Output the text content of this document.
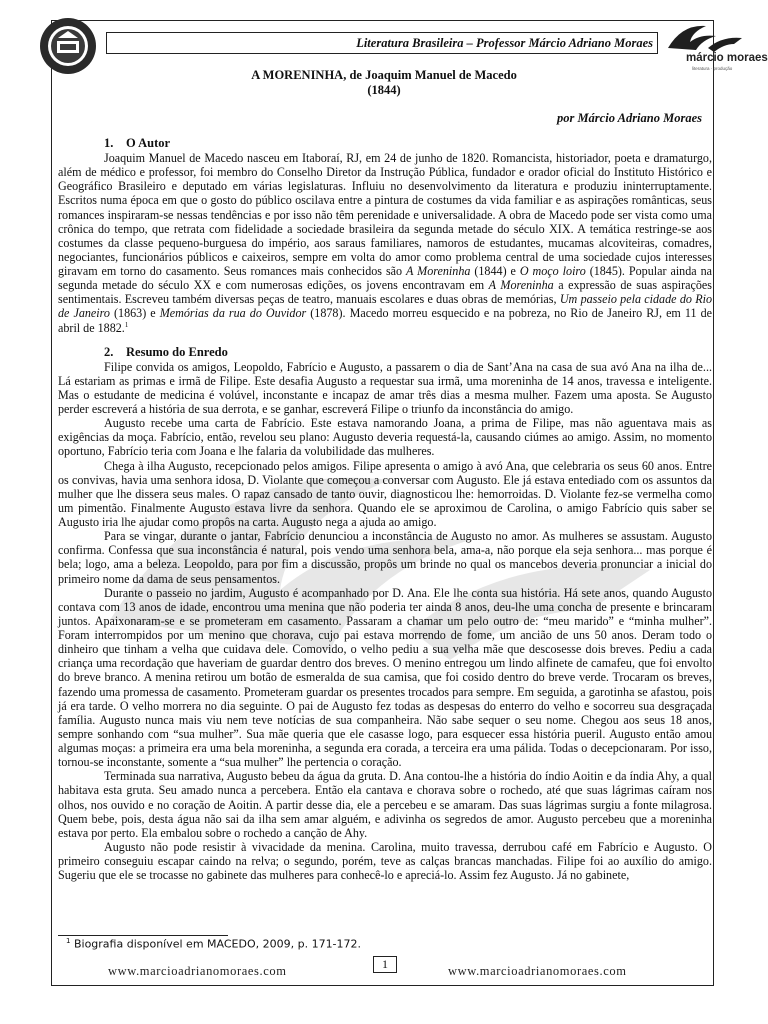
Literatura Brasileira – Professor Márcio Adriano Moraes
márcio moraes
literatura · produção
A MORENINHA, de Joaquim Manuel de Macedo
(1844)
por Márcio Adriano Moraes
1. O Autor

Joaquim Manuel de Macedo nasceu em Itaboraí, RJ, em 24 de junho de 1820. Romancista, historiador, poeta e dramaturgo, além de médico e professor, foi membro do Conselho Diretor da Instrução Pública, fundador e orador oficial do Instituto Histórico e Geográfico Brasileiro e deputado em várias legislaturas. Influiu no desenvolvimento da literatura e produziu ininterruptamente. Escritos numa época em que o gosto do público oscilava entre a pintura de costumes da vida familiar e as aspirações românticas, seus romances inspiraram-se nessas tendências e por isso não têm perenidade e universalidade. A obra de Macedo pode ser vista como uma crônica do tempo, que retrata com fidelidade a sociedade brasileira da segunda metade do século XIX. A temática restringe-se aos costumes da classe pequeno-burguesa do império, aos saraus familiares, namoros de estudantes, mucamas alcoviteiras, comadres, negociantes, funcionários públicos e caixeiros, sempre em volta do amor como problema central de uma sociedade cujos interesses giravam em torno do casamento. Seus romances mais conhecidos são A Moreninha (1844) e O moço loiro (1845). Popular ainda na segunda metade do século XX e com numerosas edições, os jovens encontravam em A Moreninha a expressão de suas aspirações sentimentais. Escreveu também diversas peças de teatro, manuais escolares e duas obras de memórias, Um passeio pela cidade do Rio de Janeiro (1863) e Memórias da rua do Ouvidor (1878). Macedo morreu esquecido e na pobreza, no Rio de Janeiro RJ, em 11 de abril de 1882.$^1$

2. Resumo do Enredo

Filipe convida os amigos, Leopoldo, Fabrício e Augusto, a passarem o dia de Sant’Ana na casa de sua avó Ana na ilha de... Lá estariam as primas e irmã de Filipe. Este desafia Augusto a requestar sua irmã, uma moreninha de 14 anos, travessa e inteligente. Mas o estudante de medicina é volúvel, inconstante e incapaz de amar três dias a mesma mulher. Fazem uma aposta. Se Augusto perder escreverá a história de sua derrota, e se ganhar, escreverá Filipe o triunfo da inconstância do amigo.

Augusto recebe uma carta de Fabrício. Este estava namorando Joana, a prima de Filipe, mas não aguentava mais as exigências da moça. Fabrício, então, revelou seu plano: Augusto deveria requestá-la, causando ciúmes ao amigo. Assim, no momento oportuno, Fabrício teria com Joana e lhe falaria da volubilidade das mulheres.

Chega à ilha Augusto, recepcionado pelos amigos. Filipe apresenta o amigo à avó Ana, que celebraria os seus 60 anos. Entre os convivas, havia uma senhora idosa, D. Violante que começou a conversar com Augusto. Ele já estava entediado com os assuntos da mulher que lhe dissera seus males. O rapaz cansado de tanto ouvir, diagnosticou lhe: hemorroidas. D. Violante fez-se vermelha como um pimentão. Finalmente Augusto estava livre da senhora. Quando ele se aproximou de Carolina, o amigo Fabrício quis saber se Augusto iria lhe ajudar como propôs na carta. Augusto nega a ajuda ao amigo.

Para se vingar, durante o jantar, Fabrício denunciou a inconstância de Augusto no amor. As mulheres se assustam. Augusto confirma. Confessa que sua inconstância é natural, pois vendo uma senhora bela, ama-a, não porque ela seja senhora... mas porque é bela; logo, ama a beleza. Leopoldo, para por fim a discussão, propôs um brinde no qual os mancebos deveria pronunciar a inicial do primeiro nome da dama de seus pensamentos.

Durante o passeio no jardim, Augusto é acompanhado por D. Ana. Ele lhe conta sua história. Há sete anos, quando Augusto contava com 13 anos de idade, encontrou uma menina que não poderia ter ainda 8 anos, deu-lhe uma concha de presente e brincaram juntos. Apaixonaram-se e se prometeram em casamento. Passaram a chamar um pelo outro de: “meu marido” e “minha mulher”. Foram interrompidos por um menino que chorava, cujo pai estava morrendo de fome, um ancião de uns 50 anos. Deram todo o dinheiro que tinham a velha que cuidava dele. Comovido, o velho pediu a sua velha mãe que descosesse dois breves. Pediu a cada criança uma recordação que haveriam de guardar dentro dos breves. O menino entregou um lindo alfinete de camafeu, que foi envolto do breve branco. A menina retirou um botão de esmeralda de sua camisa, que foi cosido dentro do breve verde. Trocaram os breves, fazendo uma promessa de casamento. Prometeram guardar os presentes trocados para sempre. Em seguida, a garotinha se afastou, pois já era tarde. O velho morrera no dia seguinte. O pai de Augusto fez todas as despesas do enterro do velho e socorreu sua desgraçada família. Augusto nunca mais viu nem teve notícias de sua companheira. Não sabe sequer o seu nome. Chegou aos seus 18 anos, sempre sonhando com “sua mulher”. Sua mãe queria que ele casasse logo, para esquecer essa história pueril. Augusto então amou algumas moças: a primeira era uma bela moreninha, a segunda era corada, a terceira era uma pálida. Todas o decepcionaram. Por isso, tornou-se inconstante, somente a “sua mulher” lhe pertencia o coração.

Terminada sua narrativa, Augusto bebeu da água da gruta. D. Ana contou-lhe a história do índio Aoitin e da índia Ahy, a qual habitava esta gruta. Seu amado nunca a percebera. Então ela cantava e chorava sobre o rochedo, até que suas lágrimas caíram nos olhos, nos ouvido e no coração de Aoitin. A partir desse dia, ele a percebeu e se amaram. Das suas lágrimas surgiu a fonte milagrosa. Quem bebe, pois, desta água não sai da ilha sem amar alguém, e adivinha os segredos de amor. Augusto percebeu que a moreninha estava por perto. Ela embalou sobre o rochedo a canção de Ahy.

Augusto não pode resistir à vivacidade da menina. Carolina, muito travessa, derrubou café em Fabrício e Augusto. O primeiro conseguiu escapar caindo na relva; o segundo, porém, teve as calças brancas manchadas. Filipe foi ao auxílio do amigo. Sugeriu que ele se trocasse no gabinete das mulheres para conhecê-lo e apreciá-lo. Assim fez Augusto. Já no gabinete,

$^1$ Biografia disponível em MACEDO, 2009, p. 171-172.
1
www.marcioadrianomoraes.com	www.marcioadrianomoraes.com
